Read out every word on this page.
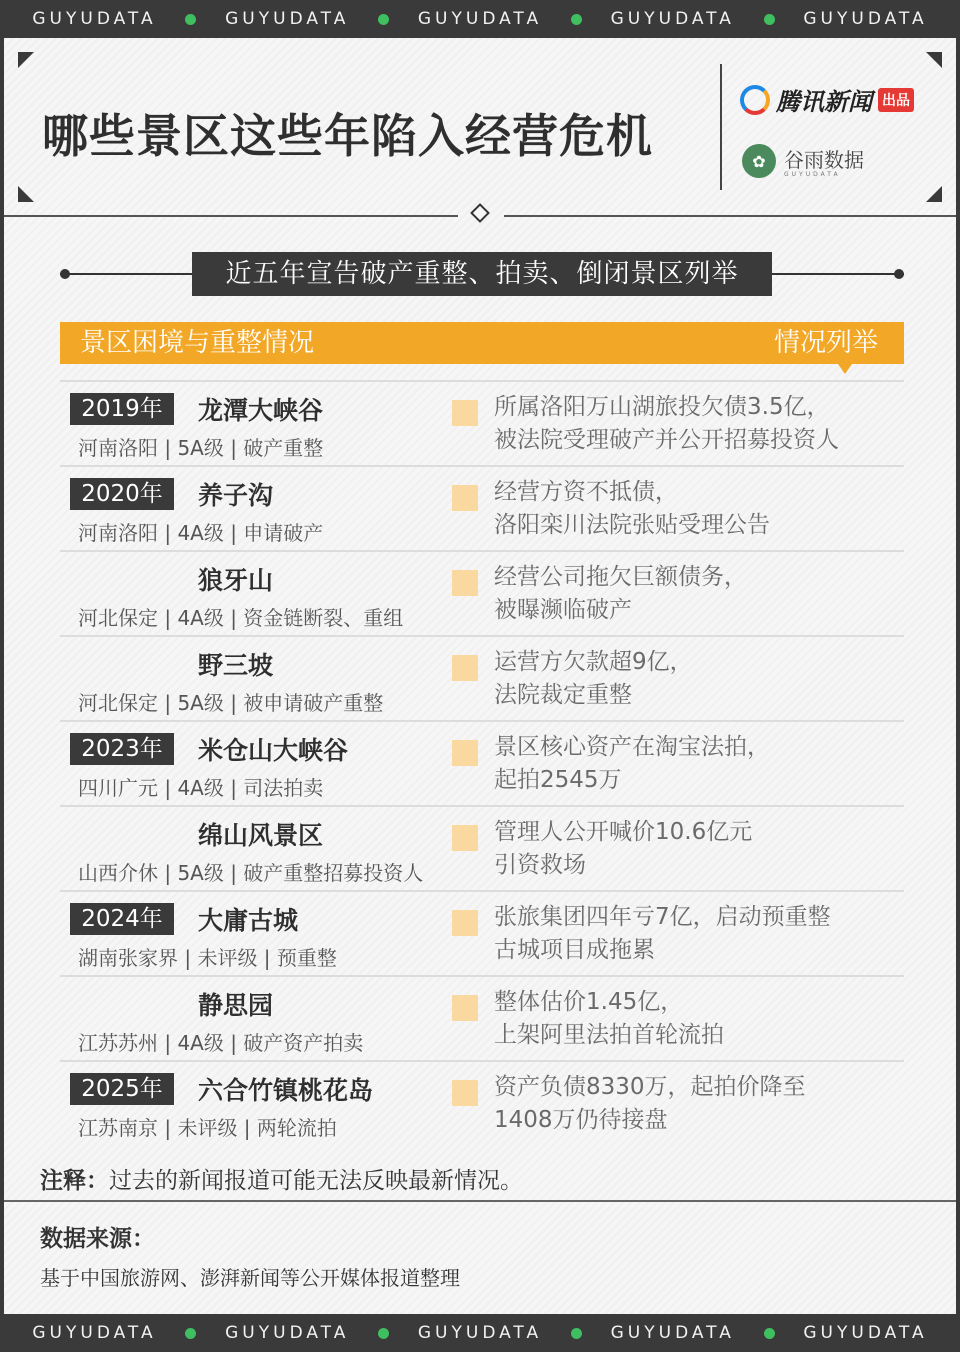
GUYUDATA	GUYUDATA	GUYUDATA	GUYUDATA	GUYUDATA
哪些景区这些年陷入经营危机
腾讯新闻 出品
✿ 谷雨数据
GUYUDATA
近五年宣告破产重整、拍卖、倒闭景区列举
景区困境与重整情况	情况列举
2019年	龙潭大峡谷
河南洛阳 | 5A级 | 破产重整
所属洛阳万山湖旅投欠债3.5亿，
被法院受理破产并公开招募投资人
2020年	养子沟
河南洛阳 | 4A级 | 申请破产
经营方资不抵债，
洛阳栾川法院张贴受理公告
狼牙山
河北保定 | 4A级 | 资金链断裂、重组
经营公司拖欠巨额债务，
被曝濒临破产
野三坡
河北保定 | 5A级 | 被申请破产重整
运营方欠款超9亿，
法院裁定重整
2023年	米仓山大峡谷
四川广元 | 4A级 | 司法拍卖
景区核心资产在淘宝法拍，
起拍2545万
绵山风景区
山西介休 | 5A级 | 破产重整招募投资人
管理人公开喊价10.6亿元
引资救场
2024年	大庸古城
湖南张家界 | 未评级 | 预重整
张旅集团四年亏7亿，启动预重整
古城项目成拖累
静思园
江苏苏州 | 4A级 | 破产资产拍卖
整体估价1.45亿，
上架阿里法拍首轮流拍
2025年	六合竹镇桃花岛
江苏南京 | 未评级 | 两轮流拍
资产负债8330万，起拍价降至
1408万仍待接盘
注释：过去的新闻报道可能无法反映最新情况。
数据来源：
基于中国旅游网、澎湃新闻等公开媒体报道整理
GUYUDATA	GUYUDATA	GUYUDATA	GUYUDATA	GUYUDATA
